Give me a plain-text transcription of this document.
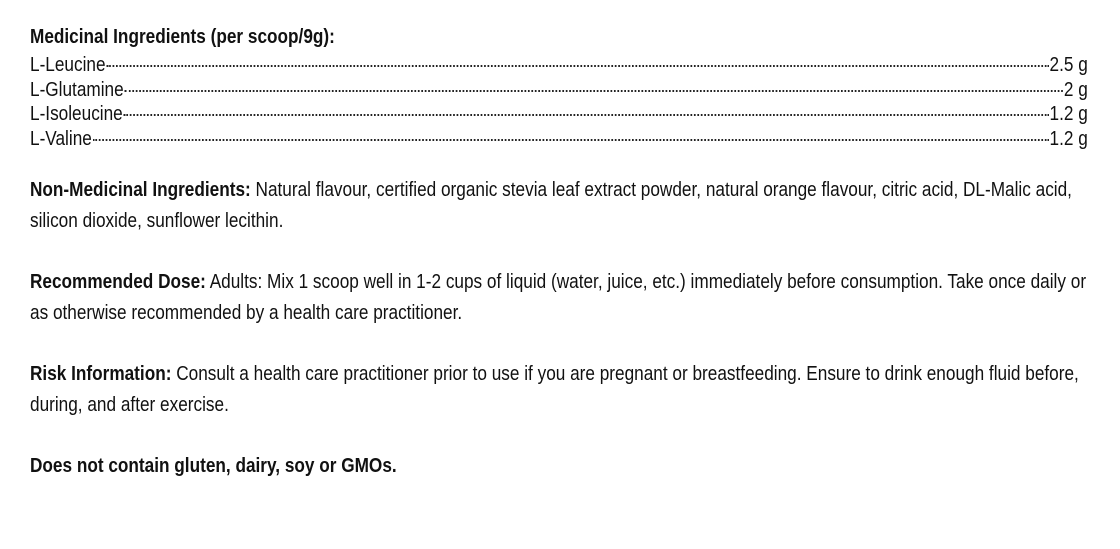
Medicinal Ingredients (per scoop/9g):
L-Leucine	2.5 g
L-Glutamine	2 g
L-Isoleucine	1.2 g
L-Valine	1.2 g

Non-Medicinal Ingredients: Natural flavour, certified organic stevia leaf extract powder, natural orange flavour, citric acid, DL-Malic acid, silicon dioxide, sunflower lecithin.

Recommended Dose: Adults: Mix 1 scoop well in 1-2 cups of liquid (water, juice, etc.) immediately before consumption. Take once daily or as otherwise recommended by a health care practitioner.

Risk Information: Consult a health care practitioner prior to use if you are pregnant or breastfeeding. Ensure to drink enough fluid before, during, and after exercise.

Does not contain gluten, dairy, soy or GMOs.
